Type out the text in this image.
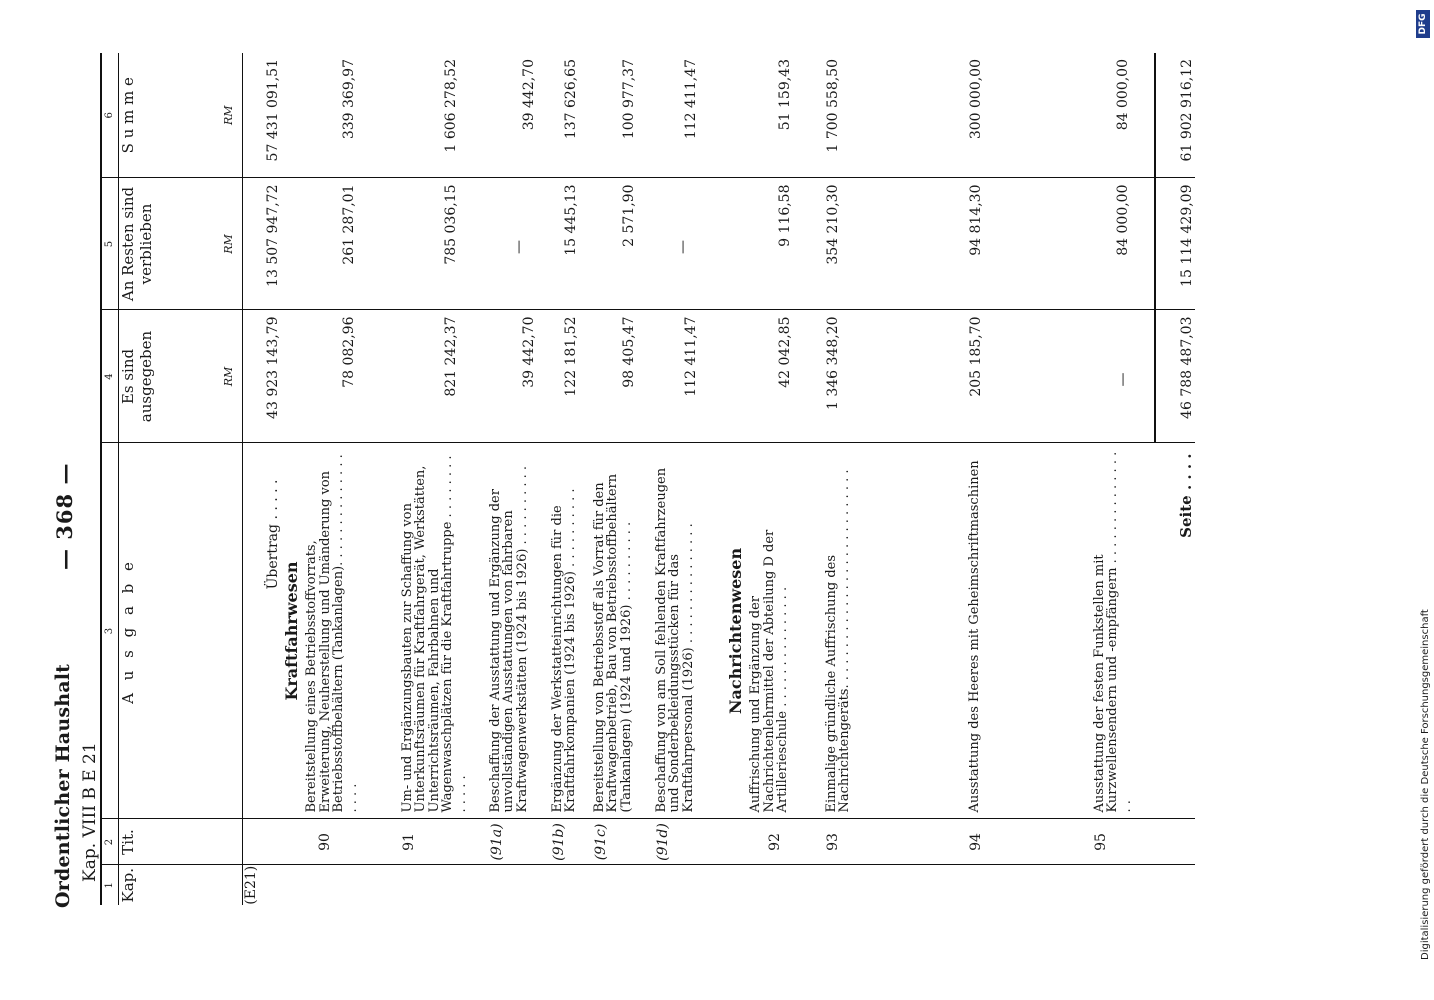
Ordentlicher Haushalt Kap. VIII B E 21
— 368 —
1	2	3	4	5	6
Kap.	Tit.	A u s g a b e	Es sind ausgegeben	An Resten sind verblieben	S u m m e
			RM	RM	RM
(E21)		Übertrag . . . . .	43 923 143,79	13 507 947,72	57 431 091,51
	90	Kraftfahrwesen Bereitstellung eines Betriebsstoffvorrats, Erweiterung, Neuherstellung und Umänderung von Betriebsstoffbehältern (Tankanlagen). . . . . . . . . . . . . . . . . .	78 082,96	261 287,01	339 369,97
	91	Um- und Ergänzungsbauten zur Schaffung von Unterkunftsräumen für Kraftfahrgerät, Werkstätten, Unterrichtsräumen, Fahrbahnen und Wagenwaschplätzen für die Kraftfahrtruppe . . . . . . . . . . . . .	821 242,37	785 036,15	1 606 278,52
	(91a)	Beschaffung der Ausstattung und Ergänzung der unvollständigen Ausstattungen von fahrbaren Kraftwagenwerkstätten (1924 bis 1926) . . . . . . . . . .	39 442,70	—	39 442,70
	(91b)	Ergänzung der Werkstatteinrichtungen für die Kraftfahrkompanien (1924 bis 1926) . . . . . . . . . .	122 181,52	15 445,13	137 626,65
	(91c)	Bereitstellung von Betriebsstoff als Vorrat für den Kraftwagenbetrieb, Bau von Betriebsstoffbehältern (Tankanlagen) (1924 und 1926) . . . . . . . . . .	98 405,47	2 571,90	100 977,37
	(91d)	Beschaffung von am Soll fehlenden Kraftfahrzeugen und Sonderbekleidungsstücken für das Kraftfahrpersonal (1926) . . . . . . . . . . . . . . .	112 411,47	—	112 411,47
	92	Nachrichtenwesen Auffrischung und Ergänzung der Nachrichtenlehrmittel der Abteilung D der Artillerieschule . . . . . . . . . . . . . . .	42 042,85	9 116,58	51 159,43
	93	Einmalige gründliche Auffrischung des Nachrichtengeräts. . . . . . . . . . . . . . . . . . . . . . . . . . .	1 346 348,20	354 210,30	1 700 558,50
	94	Ausstattung des Heeres mit Geheimschriftmaschinen	205 185,70	94 814,30	300 000,00
	95	Ausstattung der festen Funkstellen mit Kurzwellensendern und -empfängern . . . . . . . . . . . . . . . .	—	84 000,00	84 000,00
		Seite . . . .	46 788 487,03	15 114 429,09	61 902 916,12
Digitalisierung gefördert durch die Deutsche Forschungsgemeinschaft
DFG
